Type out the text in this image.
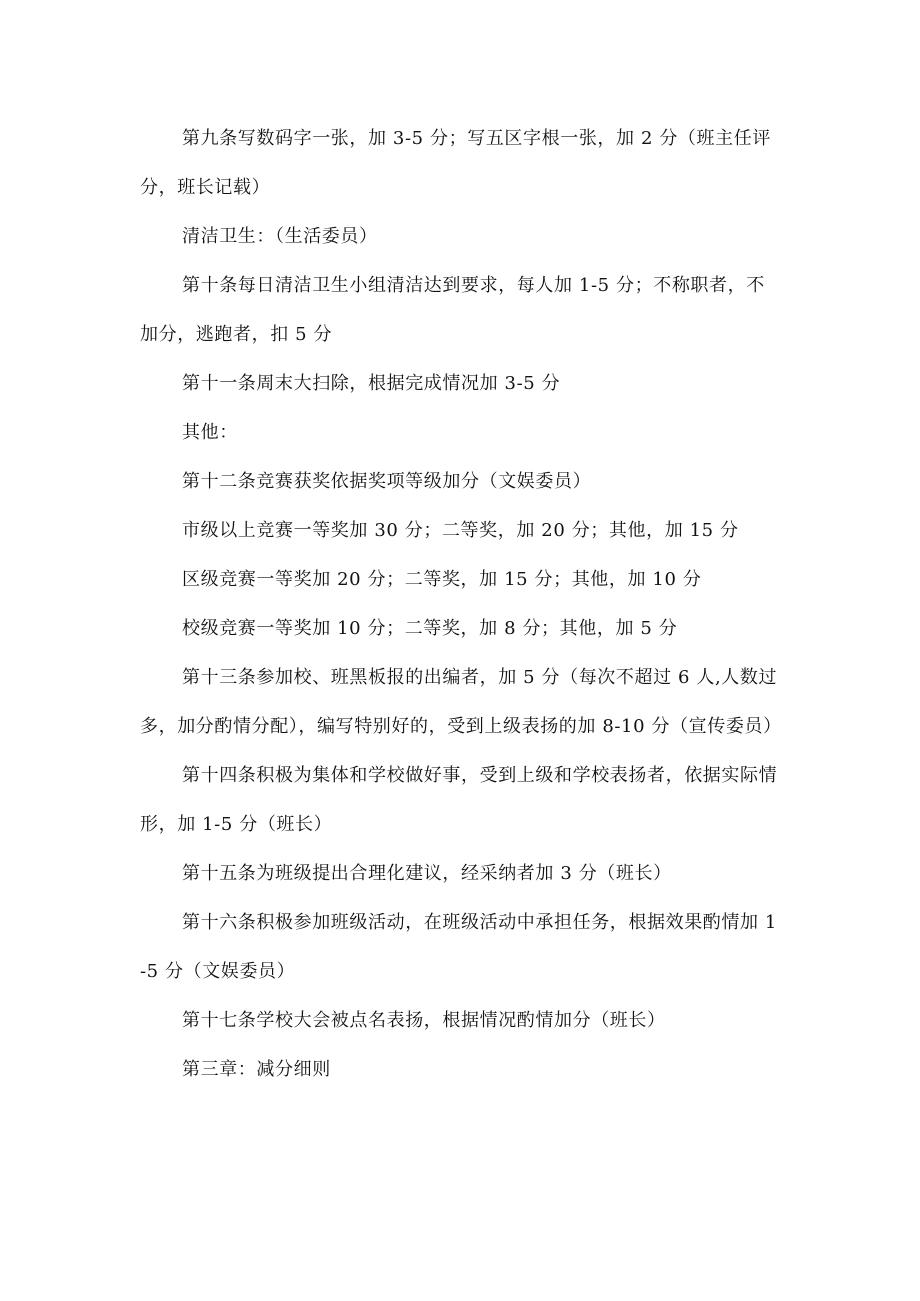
第九条写数码字一张，加 3-5 分；写五区字根一张，加 2 分（班主任评分，班长记载）

清洁卫生：（生活委员）

第十条每日清洁卫生小组清洁达到要求，每人加 1-5 分；不称职者，不加分，逃跑者，扣 5 分

第十一条周末大扫除，根据完成情况加 3-5 分

其他：

第十二条竞赛获奖依据奖项等级加分（文娱委员）

市级以上竞赛一等奖加 30 分；二等奖，加 20 分；其他，加 15 分

区级竞赛一等奖加 20 分；二等奖，加 15 分；其他，加 10 分

校级竞赛一等奖加 10 分；二等奖，加 8 分；其他，加 5 分

第十三条参加校、班黑板报的出编者，加 5 分（每次不超过 6 人,人数过多，加分酌情分配），编写特别好的，受到上级表扬的加 8-10 分（宣传委员）

第十四条积极为集体和学校做好事，受到上级和学校表扬者，依据实际情形，加 1-5 分（班长）

第十五条为班级提出合理化建议，经采纳者加 3 分（班长）

第十六条积极参加班级活动，在班级活动中承担任务，根据效果酌情加 1-5 分（文娱委员）

第十七条学校大会被点名表扬，根据情况酌情加分（班长）

第三章：减分细则
